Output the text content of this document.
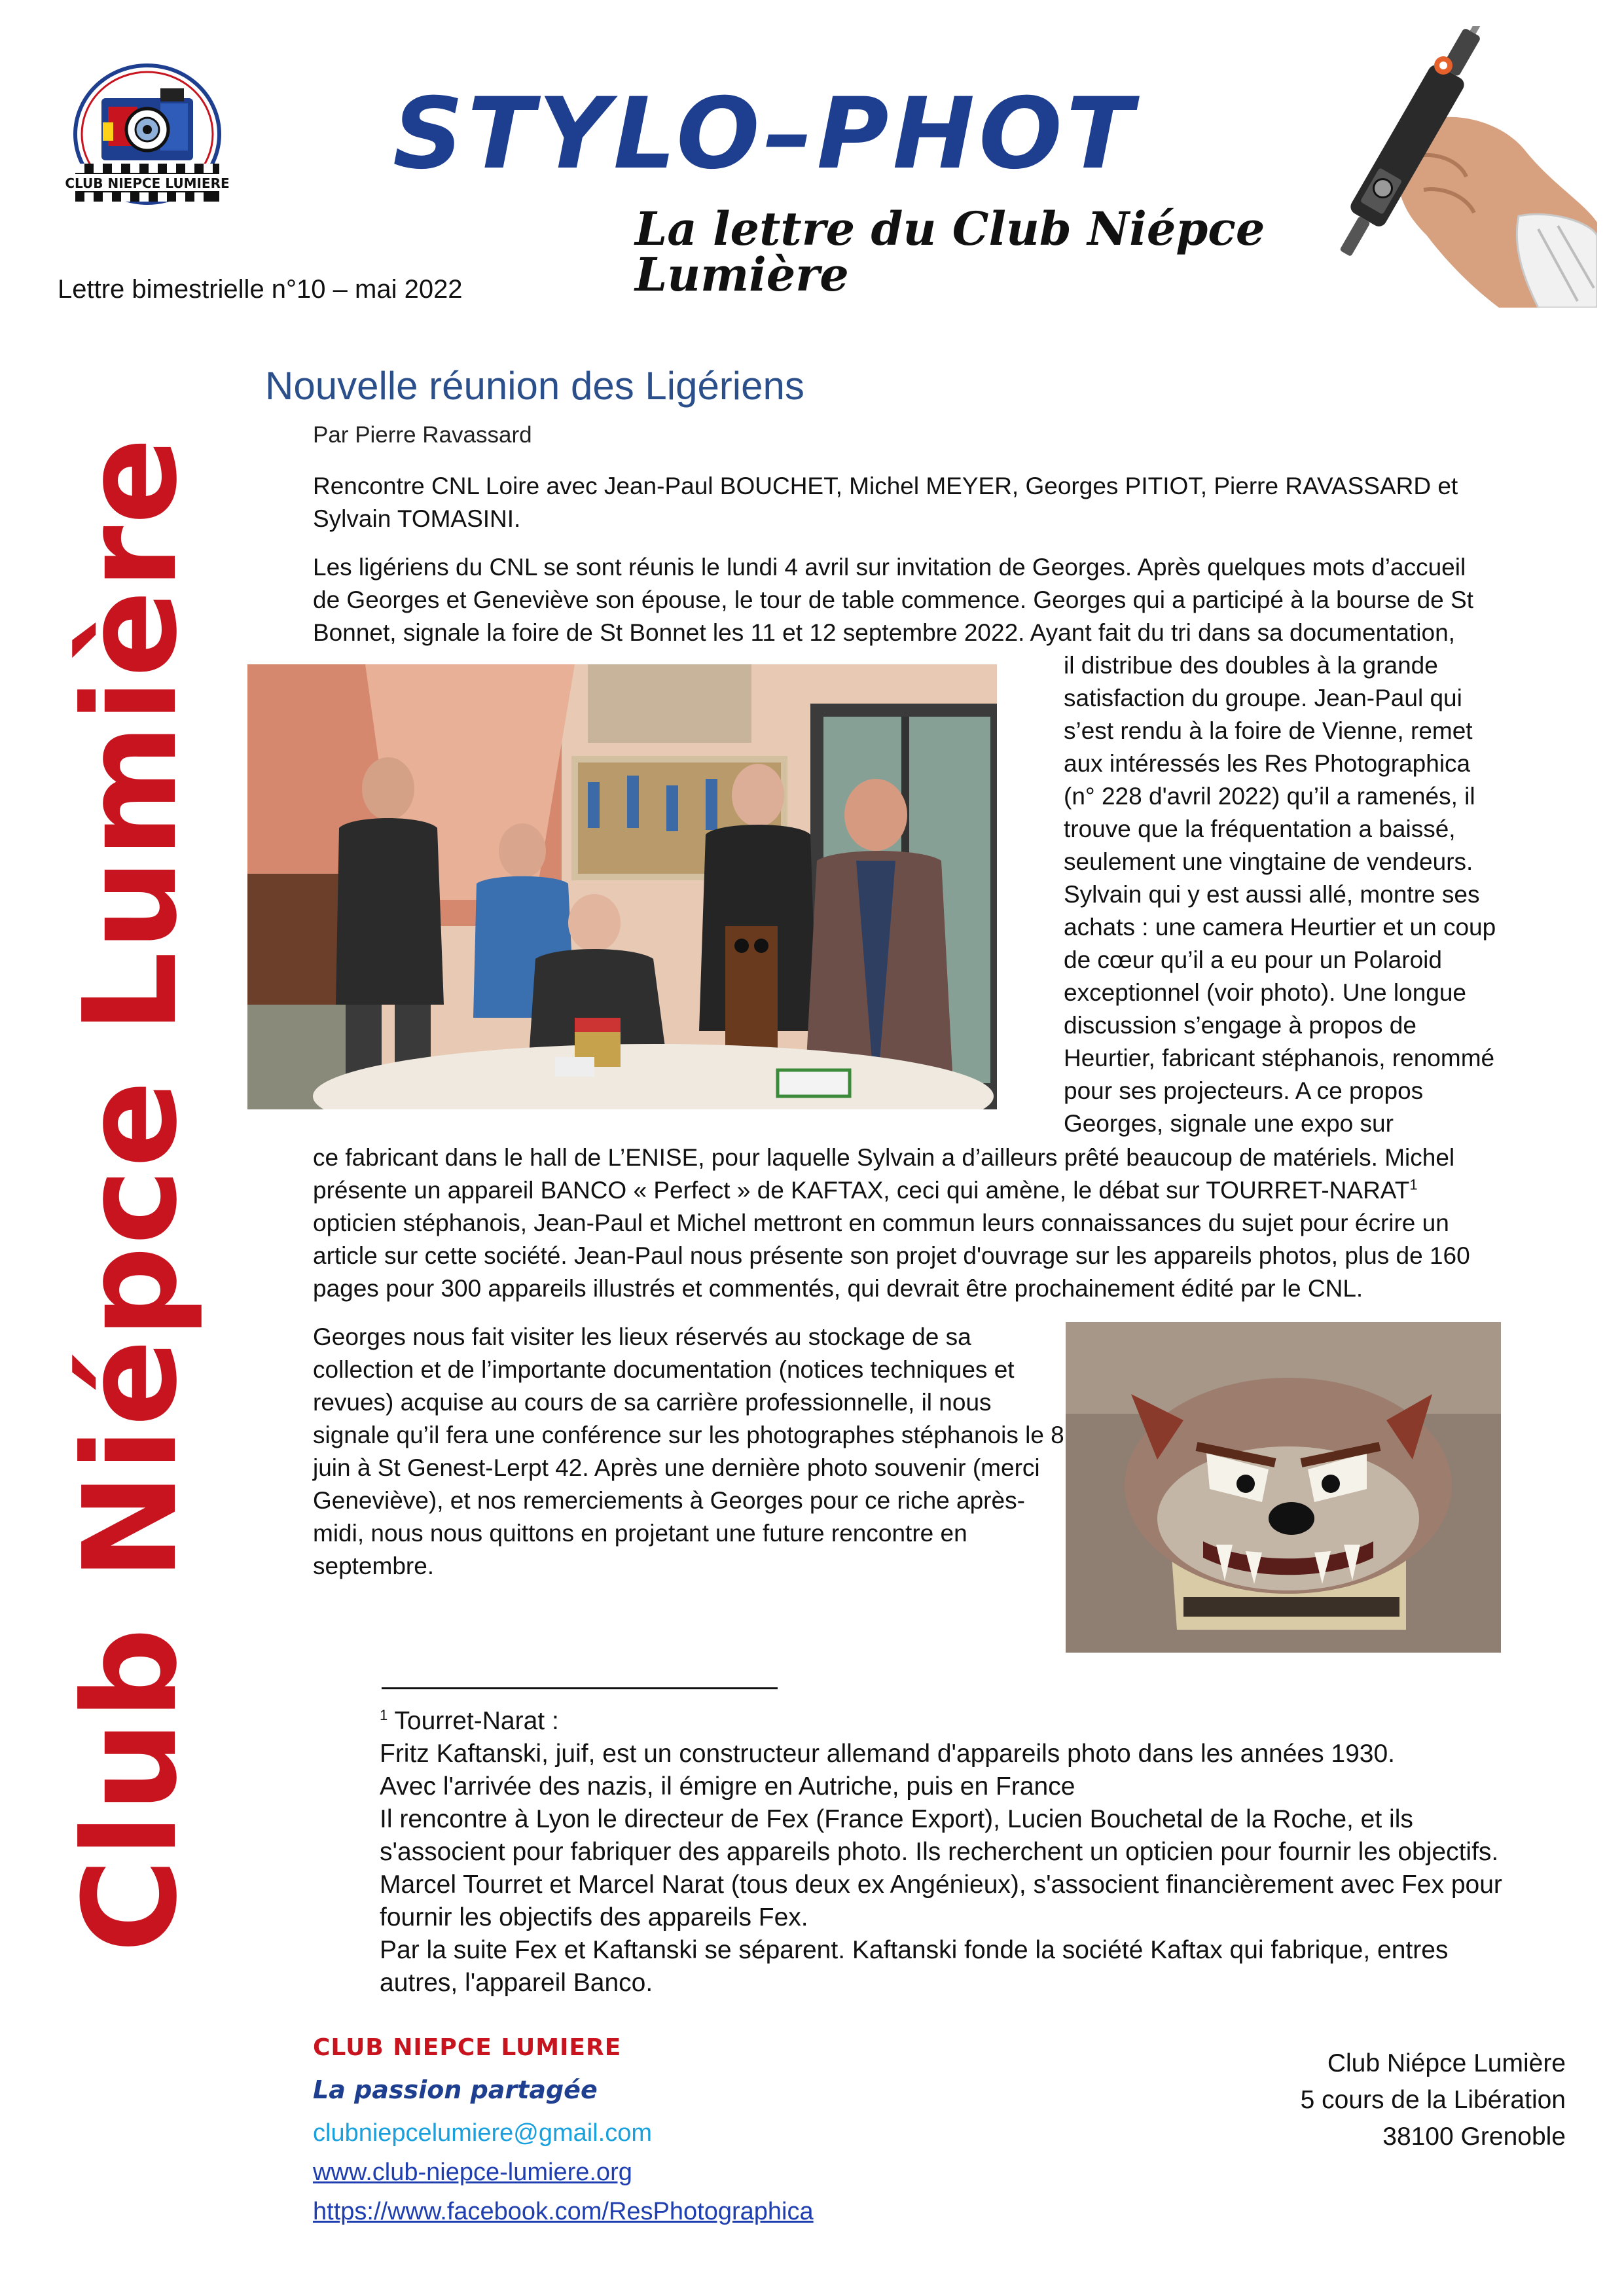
CLUB NIEPCE LUMIERE STYLO–PHOT
La lettre du Club Niépce Lumière
Lettre bimestrielle n°10 – mai 2022
Club Niépce Lumière
Nouvelle réunion des Ligériens
Par Pierre Ravassard

Rencontre CNL Loire avec Jean-Paul BOUCHET, Michel MEYER, Georges PITIOT, Pierre RAVASSARD et Sylvain TOMASINI.

Les ligériens du CNL se sont réunis le lundi 4 avril sur invitation de Georges. Après quelques mots d’accueil de Georges et Geneviève son épouse, le tour de table commence. Georges qui a participé à la bourse de St Bonnet, signale la foire de St Bonnet les 11 et 12 septembre 2022. Ayant fait du tri dans sa documentation,

il distribue des doubles à la grande satisfaction du groupe. Jean-Paul qui s’est rendu à la foire de Vienne, remet aux intéressés les Res Photographica (n° 228 d'avril 2022) qu’il a ramenés, il trouve que la fréquentation a baissé, seulement une vingtaine de vendeurs. Sylvain qui y est aussi allé, montre ses achats : une camera Heurtier et un coup de cœur qu’il a eu pour un Polaroid exceptionnel (voir photo). Une longue discussion s’engage à propos de Heurtier, fabricant stéphanois, renommé pour ses projecteurs. A ce propos Georges, signale une expo sur

ce fabricant dans le hall de L’ENISE, pour laquelle Sylvain a d’ailleurs prêté beaucoup de matériels. Michel présente un appareil BANCO « Perfect » de KAFTAX, ceci qui amène, le débat sur TOURRET-NARAT$^1$ opticien stéphanois, Jean-Paul et Michel mettront en commun leurs connaissances du sujet pour écrire un article sur cette société. Jean-Paul nous présente son projet d'ouvrage sur les appareils photos, plus de 160 pages pour 300 appareils illustrés et commentés, qui devrait être prochainement édité par le CNL.

Georges nous fait visiter les lieux réservés au stockage de sa collection et de l’importante documentation (notices techniques et revues) acquise au cours de sa carrière professionnelle, il nous signale qu’il fera une conférence sur les photographes stéphanois le 8 juin à St Genest-Lerpt 42. Après une dernière photo souvenir (merci Geneviève), et nos remerciements à Georges pour ce riche après-midi, nous nous quittons en projetant une future rencontre en septembre.

$^1$ Tourret-Narat :

Fritz Kaftanski, juif, est un constructeur allemand d'appareils photo dans les années 1930.

Avec l'arrivée des nazis, il émigre en Autriche, puis en France

Il rencontre à Lyon le directeur de Fex (France Export), Lucien Bouchetal de la Roche, et ils s'associent pour fabriquer des appareils photo. Ils recherchent un opticien pour fournir les objectifs.

Marcel Tourret et Marcel Narat (tous deux ex Angénieux), s'associent financièrement avec Fex pour fournir les objectifs des appareils Fex.

Par la suite Fex et Kaftanski se séparent. Kaftanski fonde la société Kaftax qui fabrique, entres autres, l'appareil Banco.

CLUB NIEPCE LUMIERE
La passion partagée
clubniepcelumiere@gmail.com
www.club-niepce-lumiere.org
https://www.facebook.com/ResPhotographica
Club Niépce Lumière
5 cours de la Libération
38100 Grenoble
